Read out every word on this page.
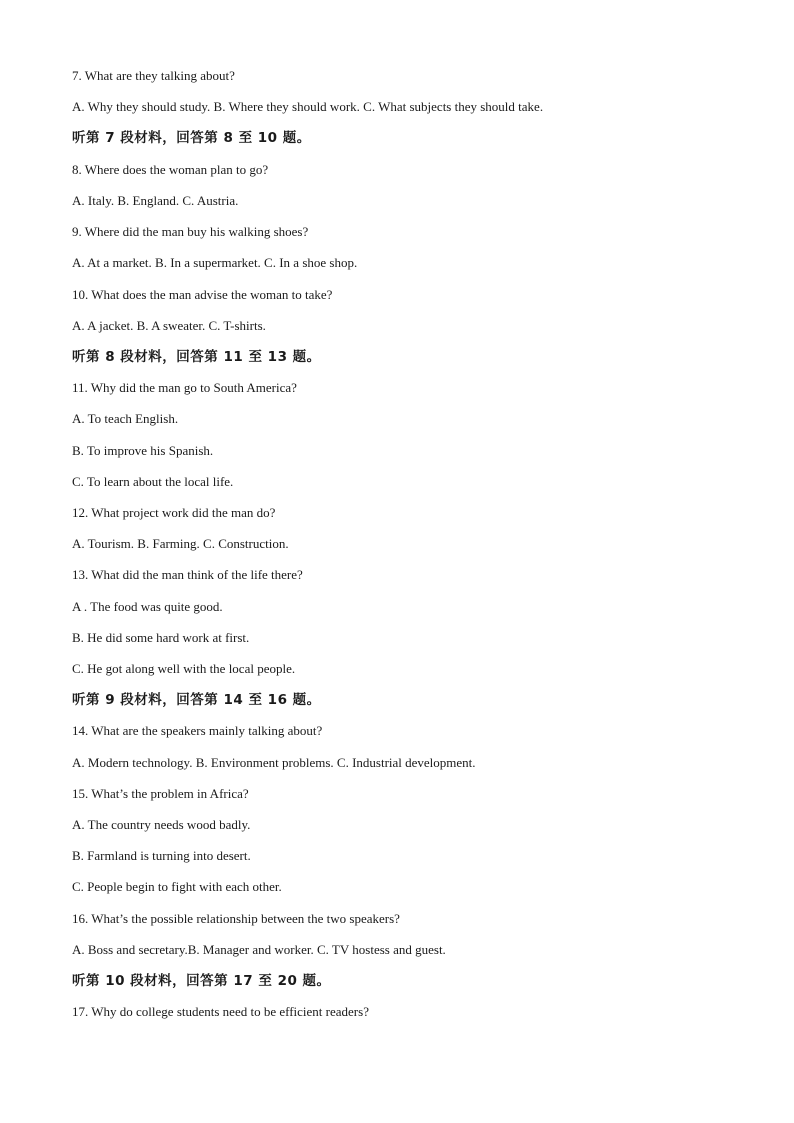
7. What are they talking about?
A. Why they should study. B. Where they should work. C. What subjects they should take.
听第 7 段材料，回答第 8 至 10 题。
8. Where does the woman plan to go?
A. Italy. B. England. C. Austria.
9. Where did the man buy his walking shoes?
A. At a market. B. In a supermarket. C. In a shoe shop.
10. What does the man advise the woman to take?
A. A jacket. B. A sweater. C. T-shirts.
听第 8 段材料，回答第 11 至 13 题。
11. Why did the man go to South America?
A. To teach English.
B. To improve his Spanish.
C. To learn about the local life.
12. What project work did the man do?
A. Tourism. B. Farming. C. Construction.
13. What did the man think of the life there?
A . The food was quite good.
B. He did some hard work at first.
C. He got along well with the local people.
听第 9 段材料，回答第 14 至 16 题。
14. What are the speakers mainly talking about?
A. Modern technology. B. Environment problems. C. Industrial development.
15. What’s the problem in Africa?
A. The country needs wood badly.
B. Farmland is turning into desert.
C. People begin to fight with each other.
16. What’s the possible relationship between the two speakers?
A. Boss and secretary.B. Manager and worker. C. TV hostess and guest.
听第 10 段材料，回答第 17 至 20 题。
17. Why do college students need to be efficient readers?
